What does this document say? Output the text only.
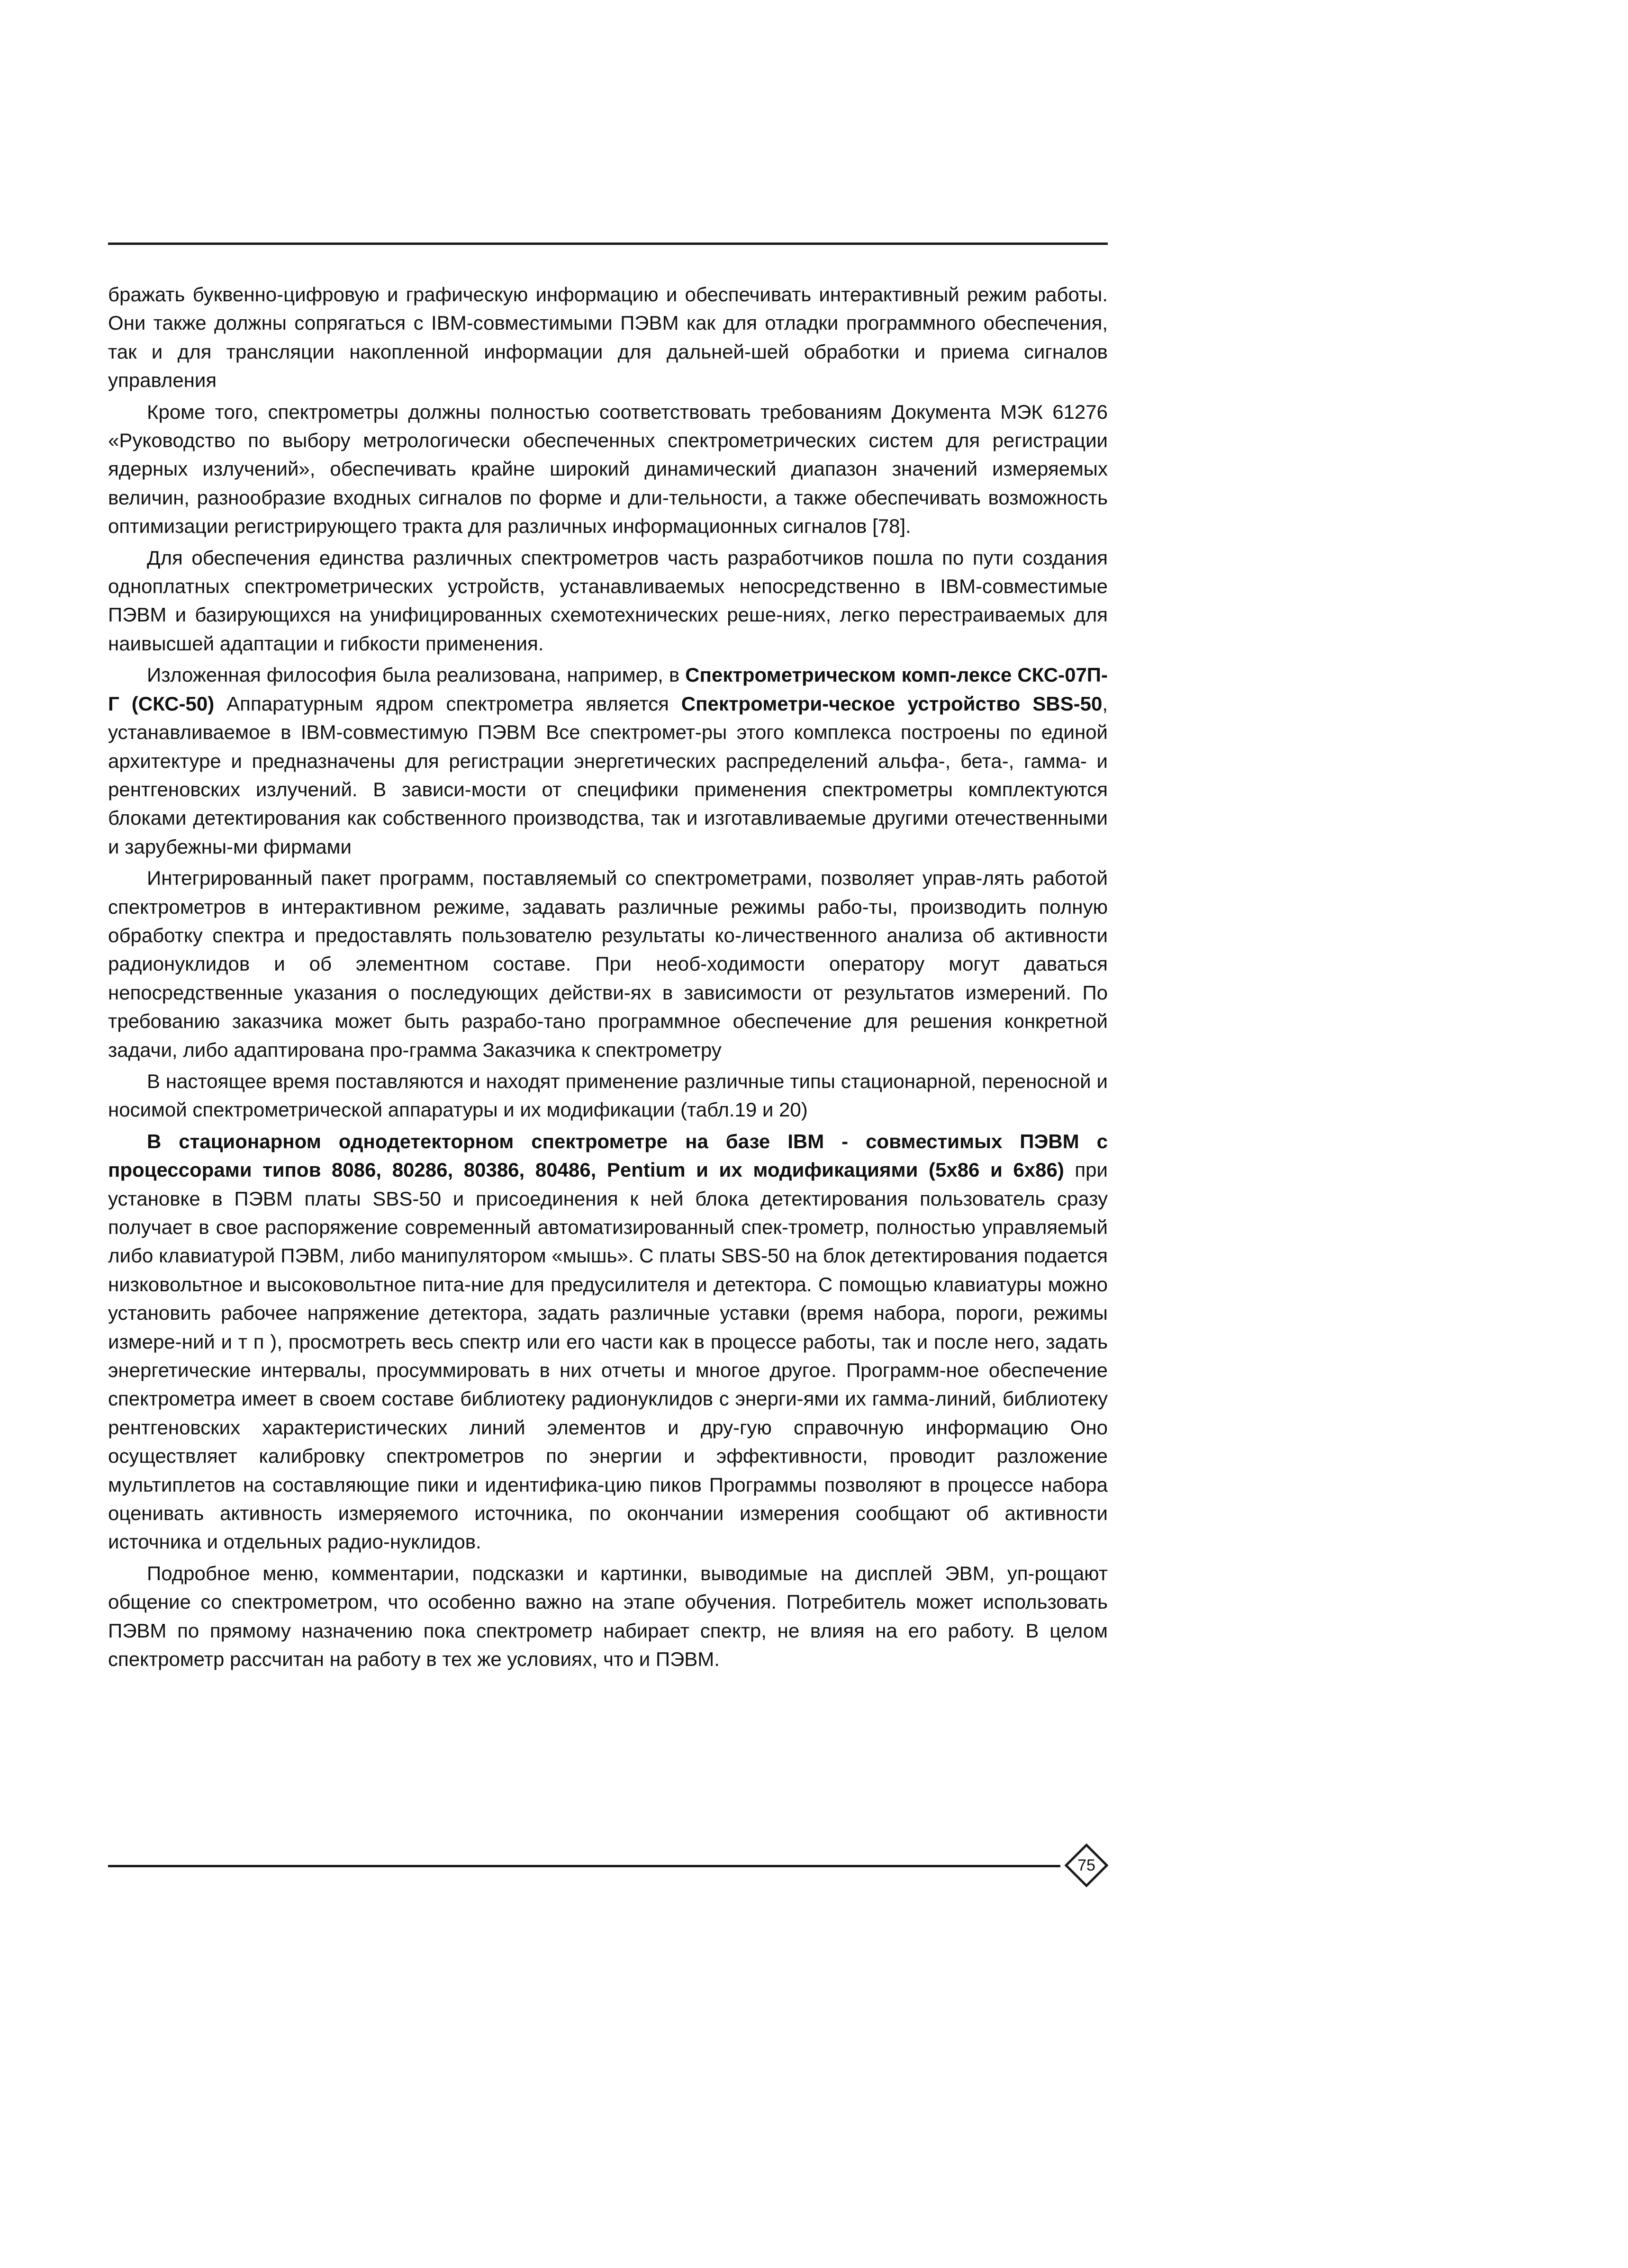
бражать буквенно-цифровую и графическую информацию и обеспечивать интерактивный режим работы. Они также должны сопрягаться с IBM-совместимыми ПЭВМ как для отладки программного обеспечения, так и для трансляции накопленной информации для дальней-шей обработки и приема сигналов управления

Кроме того, спектрометры должны полностью соответствовать требованиям Документа МЭК 61276 «Руководство по выбору метрологически обеспеченных спектрометрических систем для регистрации ядерных излучений», обеспечивать крайне широкий динамический диапазон значений измеряемых величин, разнообразие входных сигналов по форме и дли-тельности, а также обеспечивать возможность оптимизации регистрирующего тракта для различных информационных сигналов [78].

Для обеспечения единства различных спектрометров часть разработчиков пошла по пути создания одноплатных спектрометрических устройств, устанавливаемых непосредственно в IBM-совместимые ПЭВМ и базирующихся на унифицированных схемотехнических реше-ниях, легко перестраиваемых для наивысшей адаптации и гибкости применения.

Изложенная философия была реализована, например, в Спектрометрическом комп-лексе СКС-07П-Г (СКС-50) Аппаратурным ядром спектрометра является Спектрометри-ческое устройство SBS-50, устанавливаемое в IBM-совместимую ПЭВМ Все спектромет-ры этого комплекса построены по единой архитектуре и предназначены для регистрации энергетических распределений альфа-, бета-, гамма- и рентгеновских излучений. В зависи-мости от специфики применения спектрометры комплектуются блоками детектирования как собственного производства, так и изготавливаемые другими отечественными и зарубежны-ми фирмами

Интегрированный пакет программ, поставляемый со спектрометрами, позволяет управ-лять работой спектрометров в интерактивном режиме, задавать различные режимы рабо-ты, производить полную обработку спектра и предоставлять пользователю результаты ко-личественного анализа об активности радионуклидов и об элементном составе. При необ-ходимости оператору могут даваться непосредственные указания о последующих действи-ях в зависимости от результатов измерений. По требованию заказчика может быть разрабо-тано программное обеспечение для решения конкретной задачи, либо адаптирована про-грамма Заказчика к спектрометру

В настоящее время поставляются и находят применение различные типы стационарной, переносной и носимой спектрометрической аппаратуры и их модификации (табл.19 и 20)

В стационарном однодетекторном спектрометре на базе IBM - совместимых ПЭВМ с процессорами типов 8086, 80286, 80386, 80486, Pentium и их модификациями (5х86 и 6х86) при установке в ПЭВМ платы SBS-50 и присоединения к ней блока детектирования пользователь сразу получает в свое распоряжение современный автоматизированный спек-трометр, полностью управляемый либо клавиатурой ПЭВМ, либо манипулятором «мышь». С платы SBS-50 на блок детектирования подается низковольтное и высоковольтное пита-ние для предусилителя и детектора. С помощью клавиатуры можно установить рабочее напряжение детектора, задать различные уставки (время набора, пороги, режимы измере-ний и т п ), просмотреть весь спектр или его части как в процессе работы, так и после него, задать энергетические интервалы, просуммировать в них отчеты и многое другое. Программ-ное обеспечение спектрометра имеет в своем составе библиотеку радионуклидов с энерги-ями их гамма-линий, библиотеку рентгеновских характеристических линий элементов и дру-гую справочную информацию Оно осуществляет калибровку спектрометров по энергии и эффективности, проводит разложение мультиплетов на составляющие пики и идентифика-цию пиков Программы позволяют в процессе набора оценивать активность измеряемого источника, по окончании измерения сообщают об активности источника и отдельных радио-нуклидов.

Подробное меню, комментарии, подсказки и картинки, выводимые на дисплей ЭВМ, уп-рощают общение со спектрометром, что особенно важно на этапе обучения. Потребитель может использовать ПЭВМ по прямому назначению пока спектрометр набирает спектр, не влияя на его работу. В целом спектрометр рассчитан на работу в тех же условиях, что и ПЭВМ.

75
